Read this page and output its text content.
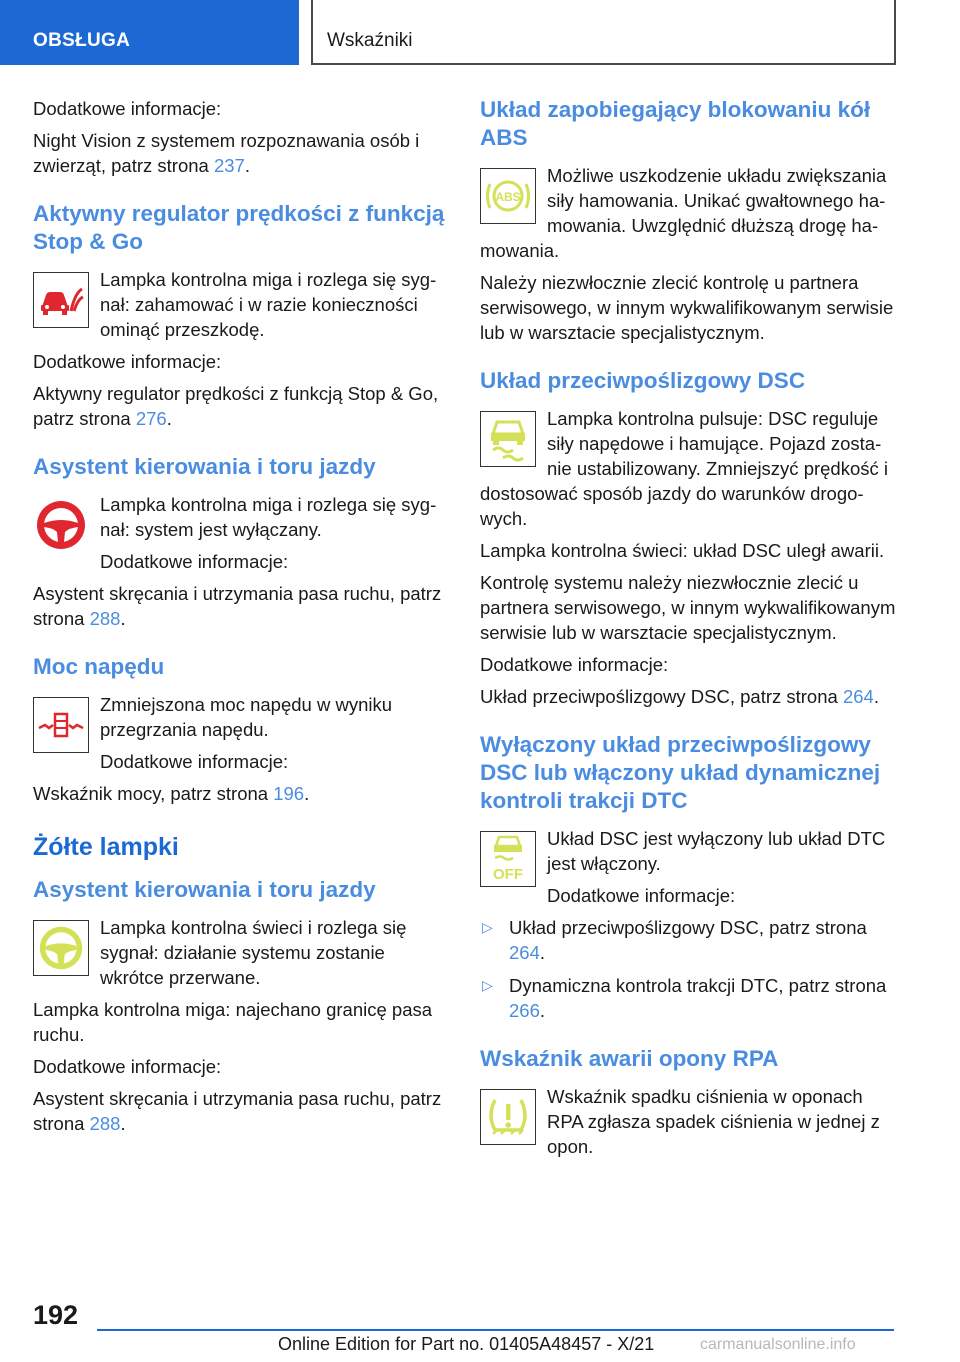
OBSŁUGA	Wskaźniki

Dodatkowe informacje:

Night Vision z systemem rozpoznawania osób i zwierząt, patrz strona 237.

Aktywny regulator prędkości z funkcją Stop & Go

Lampka kontrolna miga i rozlega się sygnał: zahamować i w razie konieczności ominąć przeszkodę.

Dodatkowe informacje:

Aktywny regulator prędkości z funkcją Stop & Go, patrz strona 276.

Asystent kierowania i toru jazdy

Lampka kontrolna miga i rozlega się sygnał: system jest wyłączany.

Dodatkowe informacje:

Asystent skręcania i utrzymania pasa ruchu, patrz strona 288.

Moc napędu

Zmniejszona moc napędu w wyniku przegrzania napędu.

Dodatkowe informacje:

Wskaźnik mocy, patrz strona 196.

Żółte lampki
Asystent kierowania i toru jazdy

Lampka kontrolna świeci i rozlega się sygnał: działanie systemu zostanie wkrótce przerwane.

Lampka kontrolna miga: najechano granicę pasa ruchu.

Dodatkowe informacje:

Asystent skręcania i utrzymania pasa ruchu, patrz strona 288.

Układ zapobiegający blokowaniu kół ABS
ABS

Możliwe uszkodzenie układu zwiększania siły hamowania. Unikać gwałtownego hamowania. Uwzględnić dłuższą drogę hamowania.

Należy niezwłocznie zlecić kontrolę u partnera serwisowego, w innym wykwalifikowanym serwisie lub w warsztacie specjalistycznym.

Układ przeciwpoślizgowy DSC

Lampka kontrolna pulsuje: DSC reguluje siły napędowe i hamujące. Pojazd zostanie ustabilizowany. Zmniejszyć prędkość i dostosować sposób jazdy do warunków drogowych.

Lampka kontrolna świeci: układ DSC uległ awarii.

Kontrolę systemu należy niezwłocznie zlecić u partnera serwisowego, w innym wykwalifikowanym serwisie lub w warsztacie specjalistycznym.

Dodatkowe informacje:

Układ przeciwpoślizgowy DSC, patrz strona 264.

Wyłączony układ przeciwpoślizgowy DSC lub włączony układ dynamicznej kontroli trakcji DTC
OFF

Układ DSC jest wyłączony lub układ DTC jest włączony.

Dodatkowe informacje:

▷ Układ przeciwpoślizgowy DSC, patrz strona 264.
▷ Dynamiczna kontrola trakcji DTC, patrz strona 266.
Wskaźnik awarii opony RPA

Wskaźnik spadku ciśnienia w oponach RPA zgłasza spadek ciśnienia w jednej z opon.

192
Online Edition for Part no. 01405A48457 - X/21	carmanualsonline.info
